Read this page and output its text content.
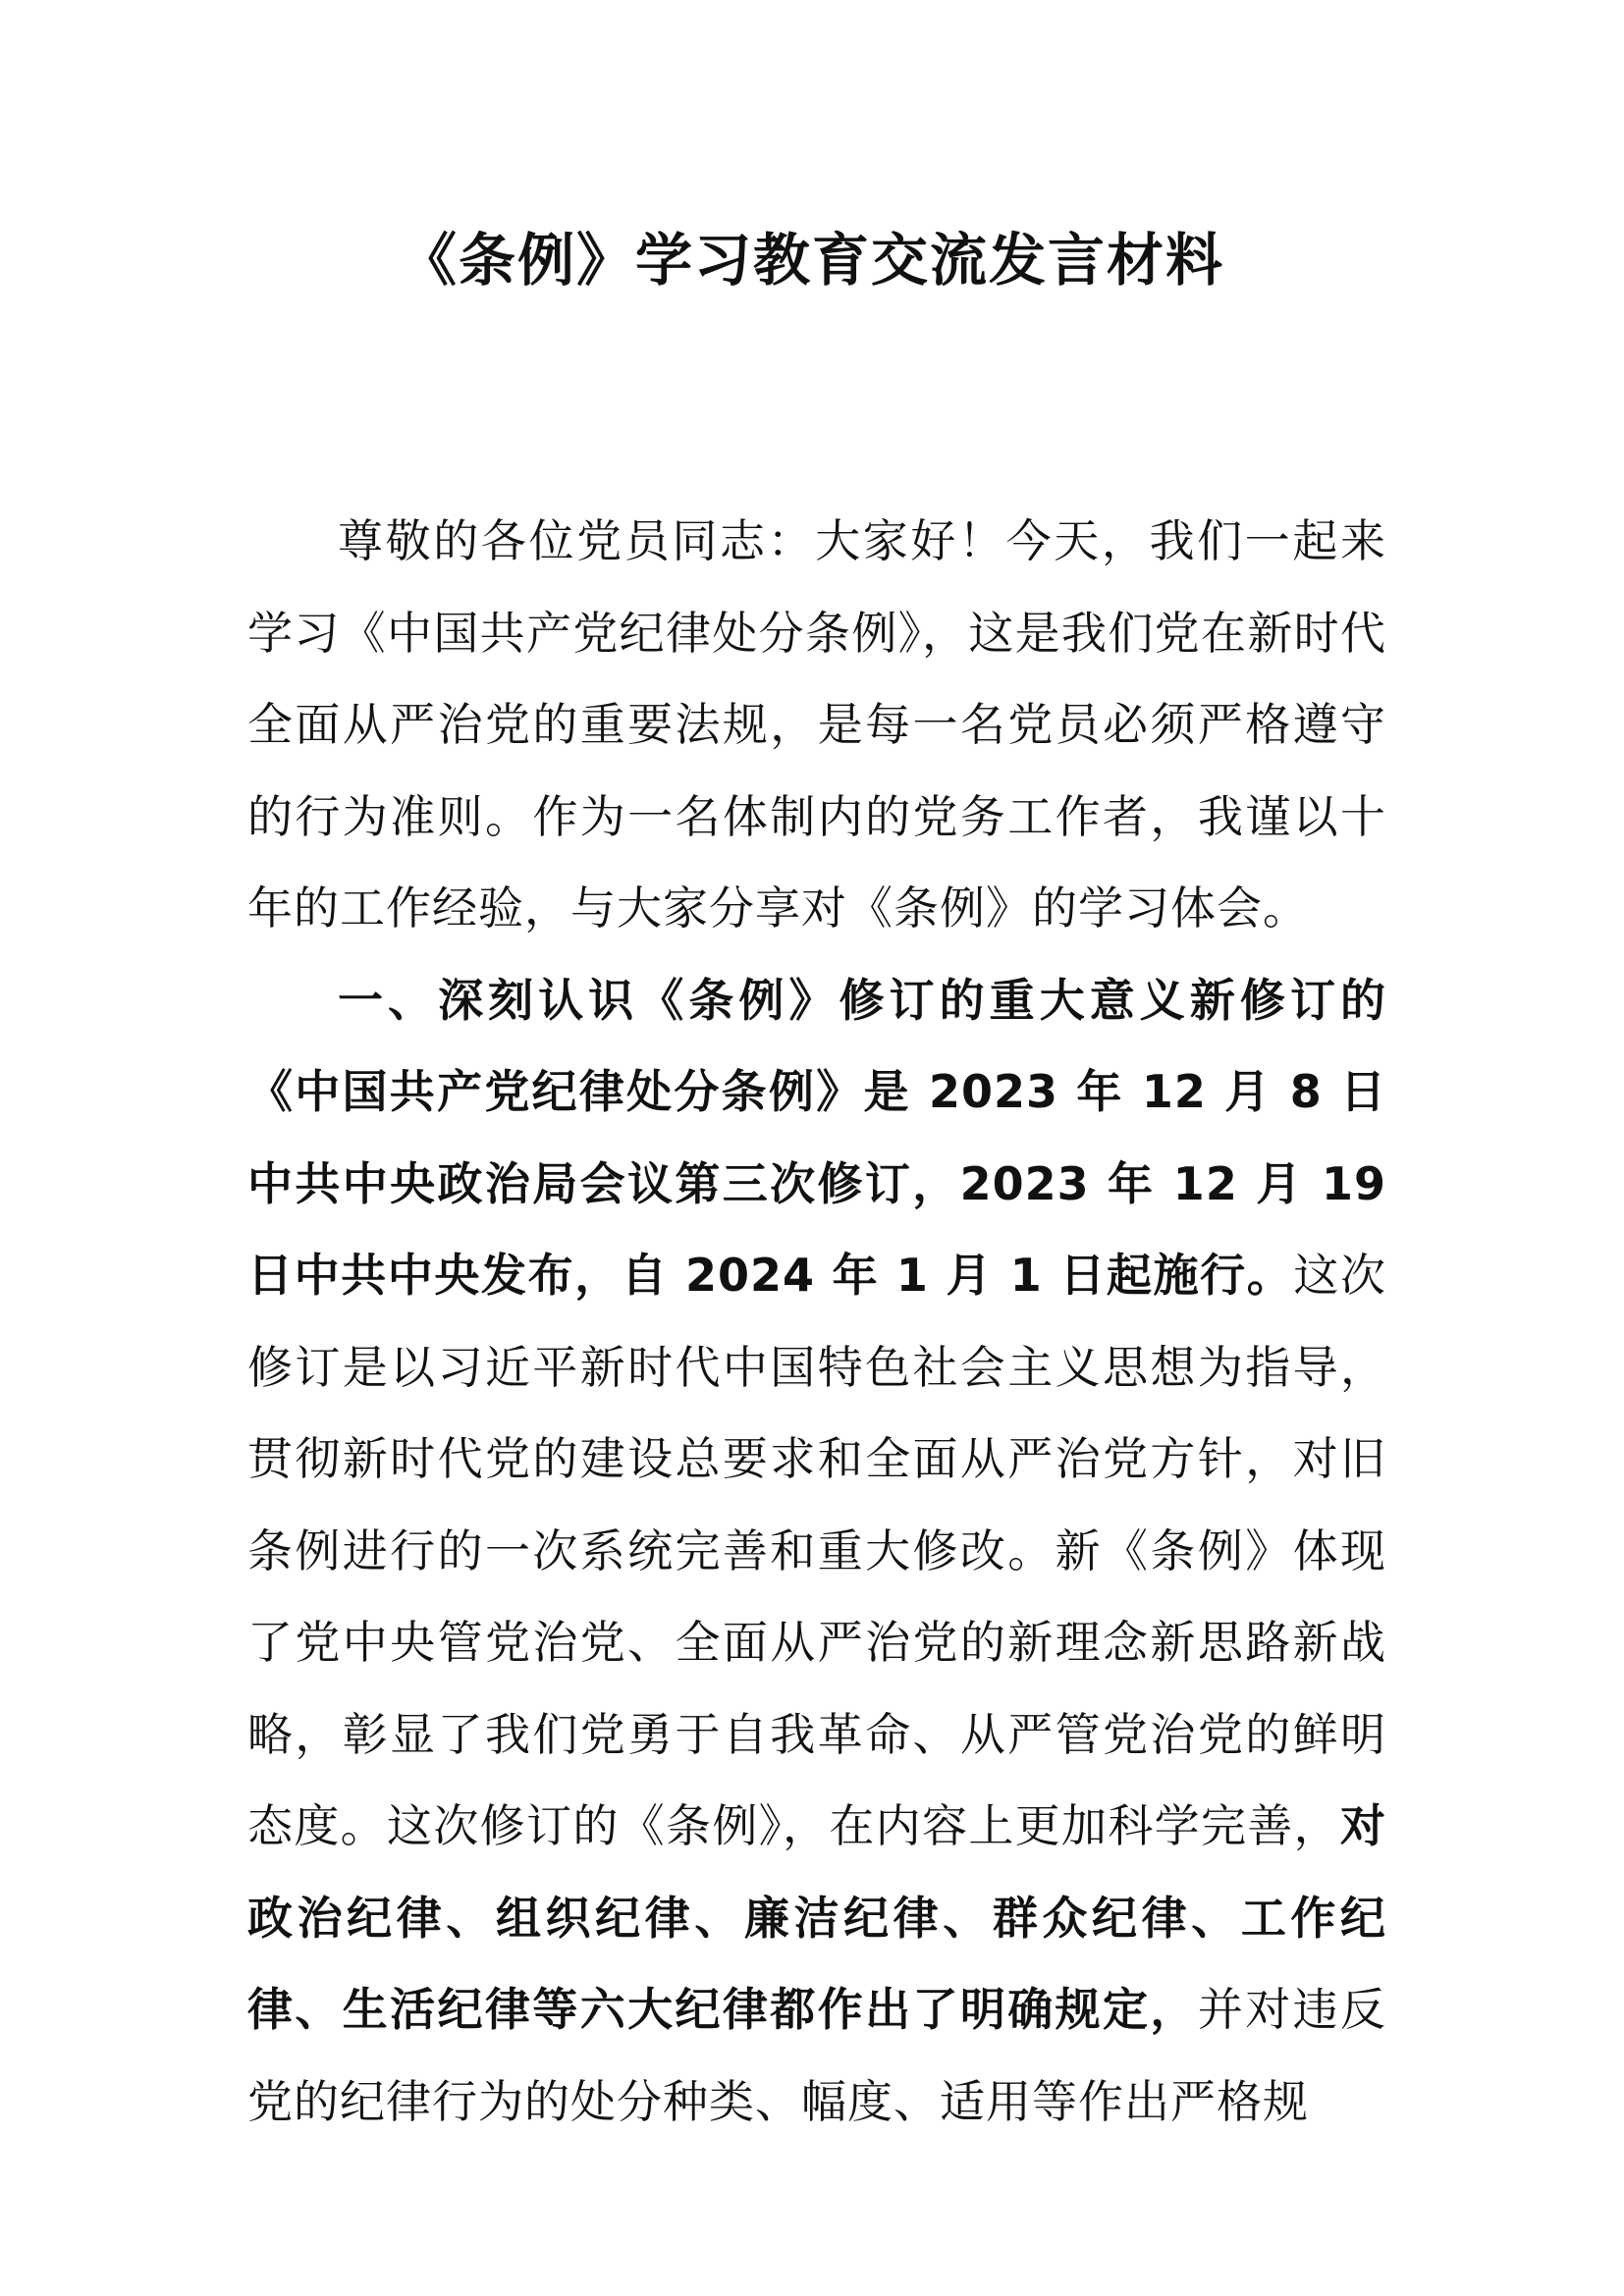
《条例》学习教育交流发言材料

尊敬的各位党员同志：大家好！今天，我们一起来学习《中国共产党纪律处分条例》，这是我们党在新时代全面从严治党的重要法规，是每一名党员必须严格遵守的行为准则。作为一名体制内的党务工作者，我谨以十年的工作经验，与大家分享对《条例》的学习体会。

一、深刻认识《条例》修订的重大意义新修订的《中国共产党纪律处分条例》是 2023 年 12 月 8 日中共中央政治局会议第三次修订，2023 年 12 月 19 日中共中央发布，自 2024 年 1 月 1 日起施行。这次修订是以习近平新时代中国特色社会主义思想为指导，贯彻新时代党的建设总要求和全面从严治党方针，对旧条例进行的一次系统完善和重大修改。新《条例》体现了党中央管党治党、全面从严治党的新理念新思路新战略，彰显了我们党勇于自我革命、从严管党治党的鲜明态度。这次修订的《条例》，在内容上更加科学完善，对政治纪律、组织纪律、廉洁纪律、群众纪律、工作纪律、生活纪律等六大纪律都作出了明确规定，并对违反党的纪律行为的处分种类、幅度、适用等作出严格规
